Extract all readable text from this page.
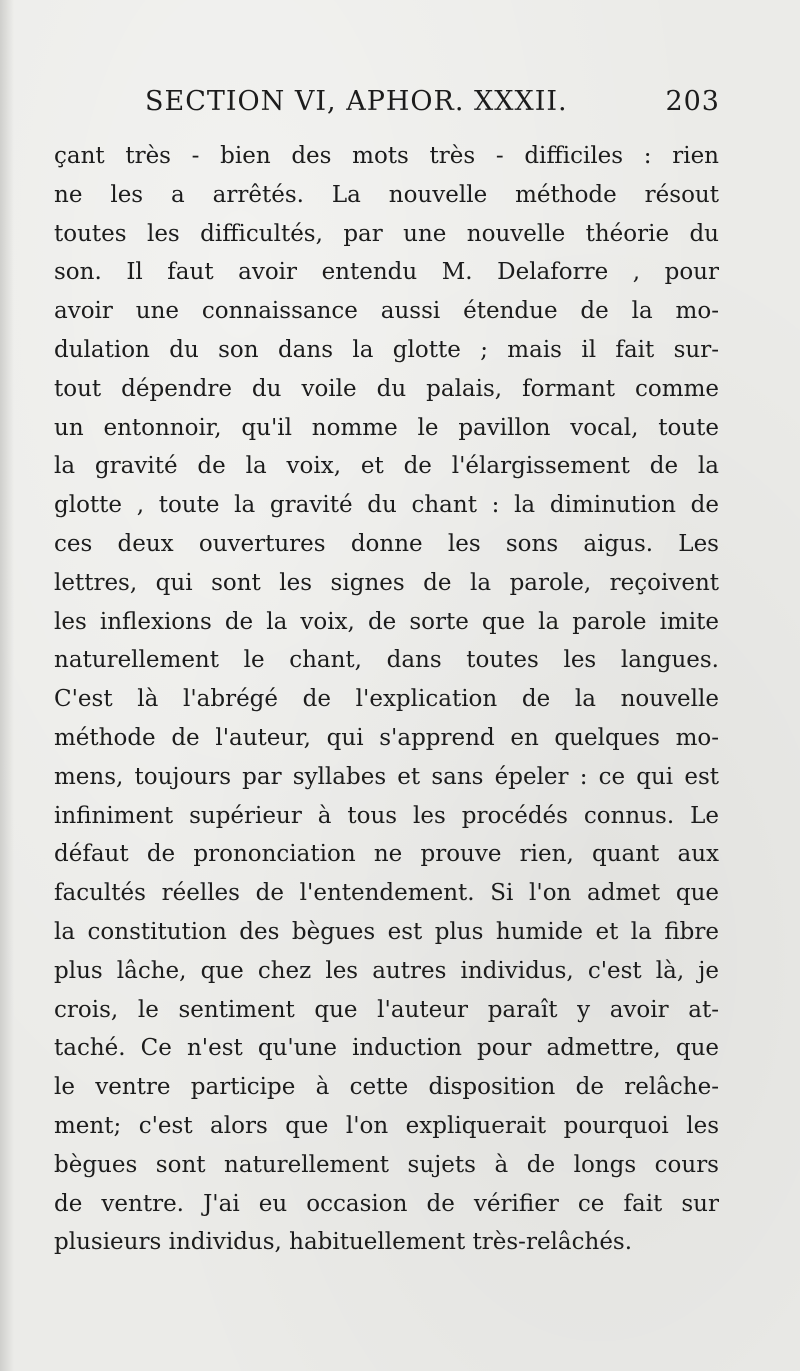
SECTION VI, APHOR. XXXII.	203
çant très - bien des mots très - difficiles : rien
ne les a arrêtés. La nouvelle méthode résout
toutes les difficultés, par une nouvelle théorie du
son. Il faut avoir entendu M. Delaforre , pour
avoir une connaissance aussi étendue de la mo-
dulation du son dans la glotte ; mais il fait sur-
tout dépendre du voile du palais, formant comme
un entonnoir, qu'il nomme le pavillon vocal, toute
la gravité de la voix, et de l'élargissement de la
glotte , toute la gravité du chant : la diminution de
ces deux ouvertures donne les sons aigus. Les
lettres, qui sont les signes de la parole, reçoivent
les inflexions de la voix, de sorte que la parole imite
naturellement le chant, dans toutes les langues.
C'est là l'abrégé de l'explication de la nouvelle
méthode de l'auteur, qui s'apprend en quelques mo-
mens, toujours par syllabes et sans épeler : ce qui est
infiniment supérieur à tous les procédés connus. Le
défaut de prononciation ne prouve rien, quant aux
facultés réelles de l'entendement. Si l'on admet que
la constitution des bègues est plus humide et la fibre
plus lâche, que chez les autres individus, c'est là, je
crois, le sentiment que l'auteur paraît y avoir at-
taché. Ce n'est qu'une induction pour admettre, que
le ventre participe à cette disposition de relâche-
ment; c'est alors que l'on expliquerait pourquoi les
bègues sont naturellement sujets à de longs cours
de ventre. J'ai eu occasion de vérifier ce fait sur
plusieurs individus, habituellement très-relâchés.
